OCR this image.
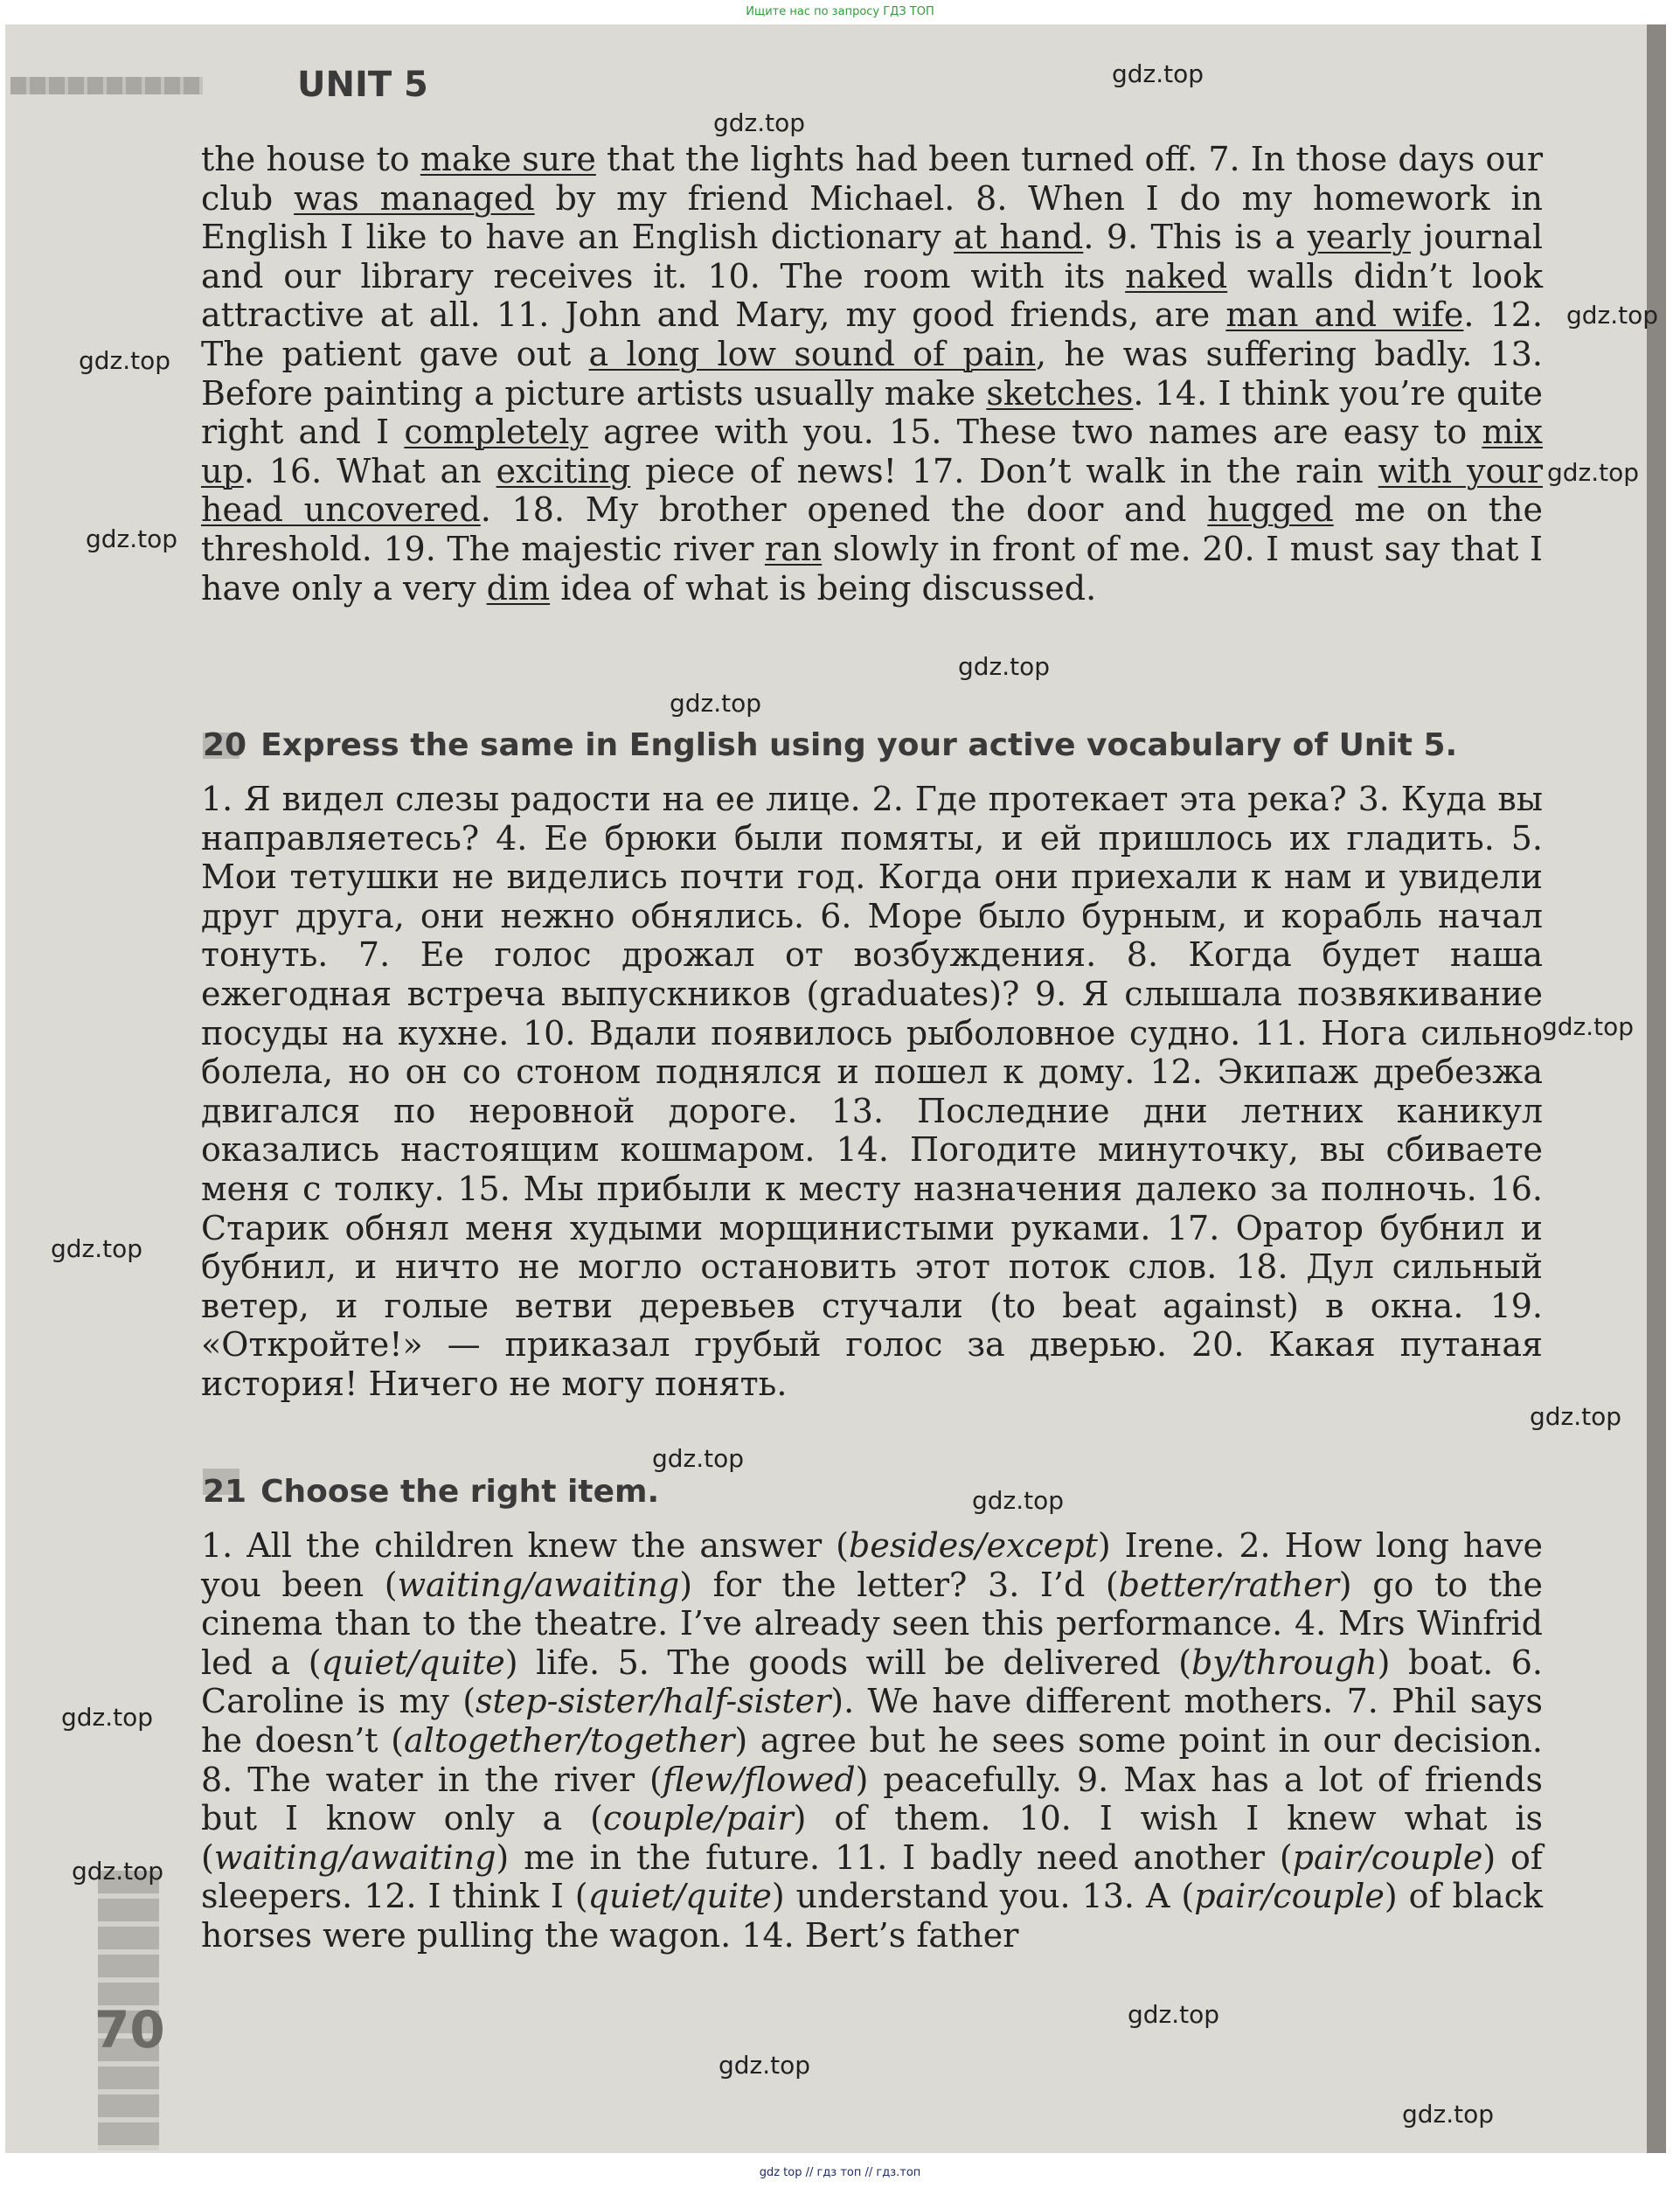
Ищите нас по запросу ГДЗ ТОП
UNIT 5
the house to make sure that the lights had been turned off. 7. In those days our club was managed by my friend Michael. 8. When I do my homework in English I like to have an English dictionary at hand. 9. This is a yearly journal and our library receives it. 10. The room with its naked walls didn’t look attractive at all. 11. John and Mary, my good friends, are man and wife. 12. The patient gave out a long low sound of pain, he was suffering badly. 13. Before painting a picture artists usually make sketches. 14. I think you’re quite right and I completely agree with you. 15. These two names are easy to mix up. 16. What an exciting piece of news! 17. Don’t walk in the rain with your head uncovered. 18. My brother opened the door and hugged me on the threshold. 19. The majestic river ran slowly in front of me. 20. I must say that I have only a very dim idea of what is being discussed.
20 Express the same in English using your active vocabulary of Unit 5.
1. Я видел слезы радости на ее лице. 2. Где протекает эта река? 3. Куда вы направляетесь? 4. Ее брюки были помяты, и ей пришлось их гладить. 5. Мои тетушки не виделись почти год. Когда они приехали к нам и увидели друг друга, они нежно обнялись. 6. Море было бурным, и корабль начал тонуть. 7. Ее голос дрожал от возбуждения. 8. Когда будет наша ежегодная встреча выпускников (graduates)? 9. Я слышала позвякивание посуды на кухне. 10. Вдали появилось рыболовное судно. 11. Нога сильно болела, но он со стоном поднялся и пошел к дому. 12. Экипаж дребезжа двигался по неровной дороге. 13. Последние дни летних каникул оказались настоящим кошмаром. 14. Погодите минуточку, вы сбиваете меня с толку. 15. Мы прибыли к месту назначения далеко за полночь. 16. Старик обнял меня худыми морщинистыми руками. 17. Оратор бубнил и бубнил, и ничто не могло остановить этот поток слов. 18. Дул сильный ветер, и голые ветви деревьев стучали (to beat against) в окна. 19. «Откройте!» — приказал грубый голос за дверью. 20. Какая путаная история! Ничего не могу понять.
21 Choose the right item.
1. All the children knew the answer (besides/except) Irene. 2. How long have you been (waiting/awaiting) for the letter? 3. I’d (better/rather) go to the cinema than to the theatre. I’ve already seen this performance. 4. Mrs Winfrid led a (quiet/quite) life. 5. The goods will be delivered (by/through) boat. 6. Caroline is my (step-sister/half-sister). We have different mothers. 7. Phil says he doesn’t (altogether/together) agree but he sees some point in our decision. 8. The water in the river (flew/flowed) peacefully. 9. Max has a lot of friends but I know only a (couple/pair) of them. 10. I wish I knew what is (waiting/awaiting) me in the future. 11. I badly need another (pair/couple) of sleepers. 12. I think I (quiet/quite) understand you. 13. A (pair/couple) of black horses were pulling the wagon. 14. Bert’s father
70
gdz.top
gdz.top
gdz.top
gdz.top
gdz.top
gdz.top
gdz.top
gdz.top
gdz.top
gdz.top
gdz.top
gdz.top
gdz.top
gdz.top
gdz.top
gdz.top
gdz.top
gdz.top
gdz top // гдз топ // гдз.топ
